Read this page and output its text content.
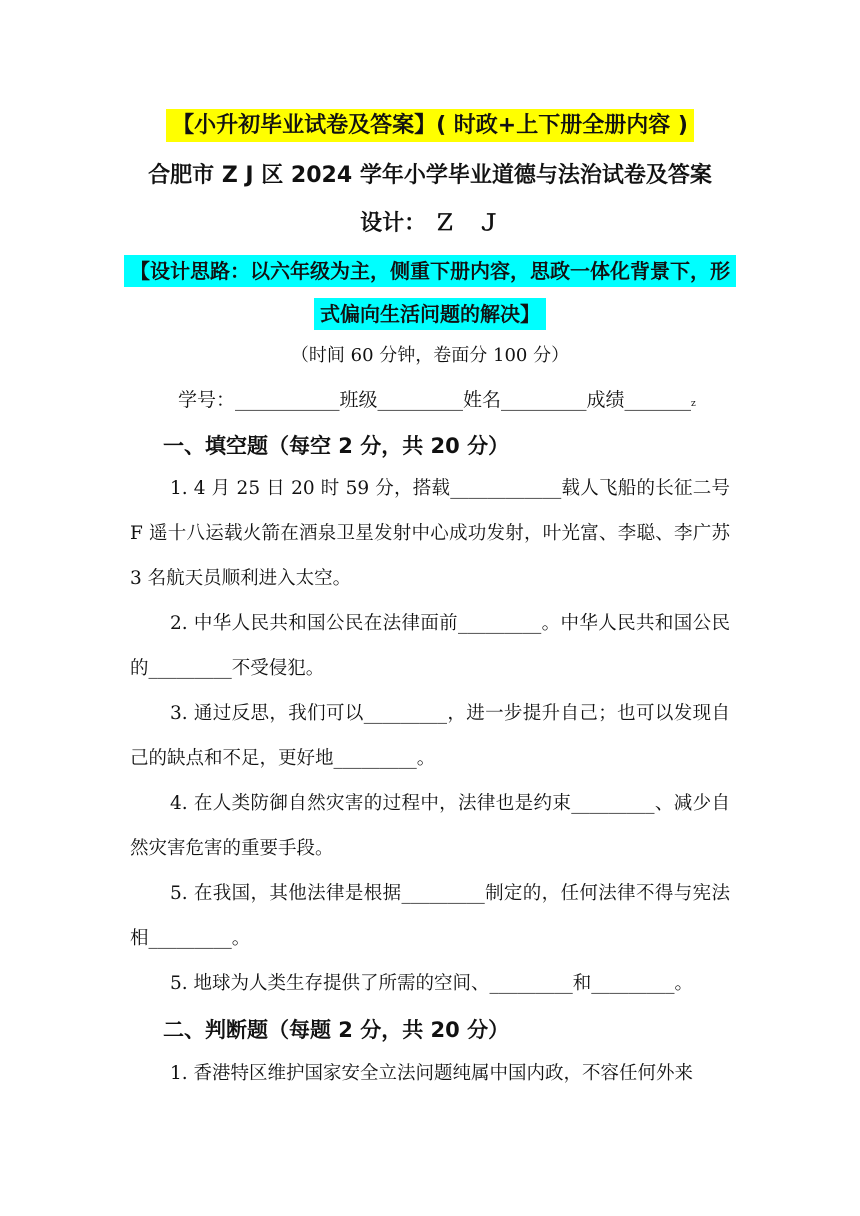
【小升初毕业试卷及答案】( 时政+上下册全册内容 )
合肥市 Z J 区 2024 学年小学毕业道德与法治试卷及答案
设计： Ｚ　Ｊ
【设计思路：以六年级为主，侧重下册内容，思政一体化背景下，形
式偏向生活问题的解决】
（时间 60 分钟，卷面分 100 分）
学号：___________班级_________姓名_________成绩_______z
一、填空题（每空 2 分，共 20 分）
1. 4 月 25 日 20 时 59 分，搭载____________载人飞船的长征二号 F 遥十八运载火箭在酒泉卫星发射中心成功发射，叶光富、李聪、李广苏 3 名航天员顺利进入太空。
2. 中华人民共和国公民在法律面前_________。中华人民共和国公民的_________不受侵犯。
3. 通过反思，我们可以_________，进一步提升自己；也可以发现自己的缺点和不足，更好地_________。
4. 在人类防御自然灾害的过程中，法律也是约束_________、减少自然灾害危害的重要手段。
5. 在我国，其他法律是根据_________制定的，任何法律不得与宪法相_________。
5. 地球为人类生存提供了所需的空间、_________和_________。
二、判断题（每题 2 分，共 20 分）
1. 香港特区维护国家安全立法问题纯属中国内政，不容任何外来
